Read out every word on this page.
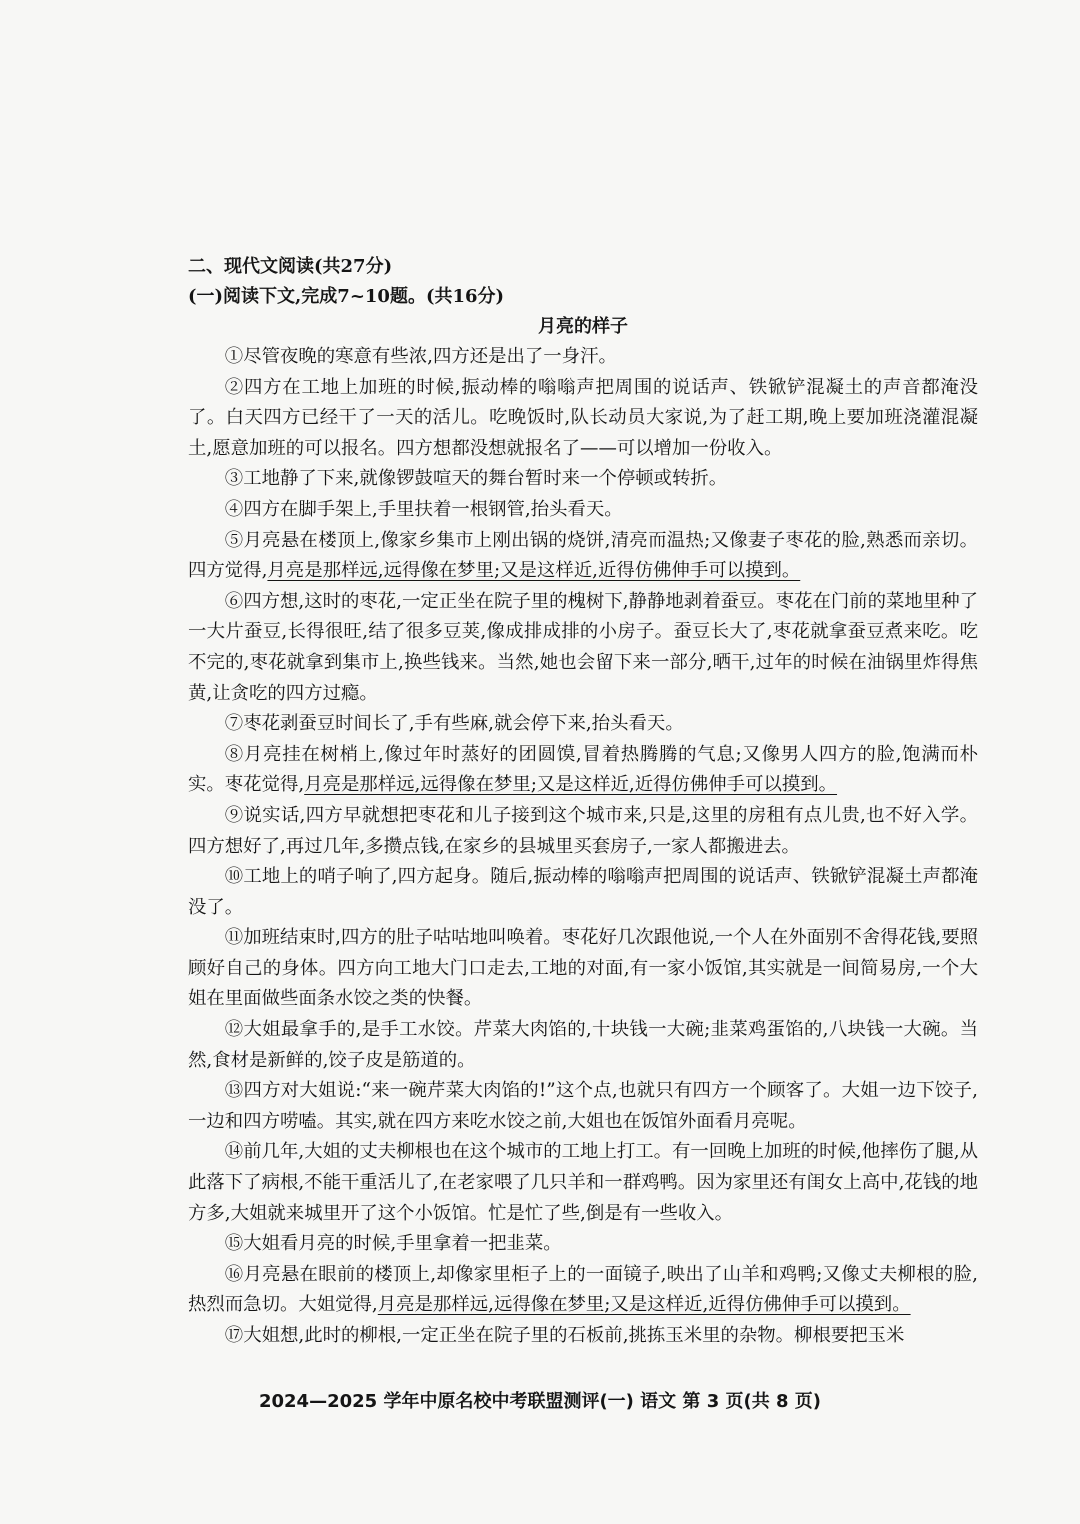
二、现代文阅读(共27分)
(一)阅读下文,完成7~10题。(共16分)
月亮的样子

①尽管夜晚的寒意有些浓,四方还是出了一身汗。

②四方在工地上加班的时候,振动棒的嗡嗡声把周围的说话声、铁锨铲混凝土的声音都淹没了。白天四方已经干了一天的活儿。吃晚饭时,队长动员大家说,为了赶工期,晚上要加班浇灌混凝土,愿意加班的可以报名。四方想都没想就报名了——可以增加一份收入。

③工地静了下来,就像锣鼓喧天的舞台暂时来一个停顿或转折。

④四方在脚手架上,手里扶着一根钢管,抬头看天。

⑤月亮悬在楼顶上,像家乡集市上刚出锅的烧饼,清亮而温热;又像妻子枣花的脸,熟悉而亲切。四方觉得,月亮是那样远,远得像在梦里;又是这样近,近得仿佛伸手可以摸到。

⑥四方想,这时的枣花,一定正坐在院子里的槐树下,静静地剥着蚕豆。枣花在门前的菜地里种了一大片蚕豆,长得很旺,结了很多豆荚,像成排成排的小房子。蚕豆长大了,枣花就拿蚕豆煮来吃。吃不完的,枣花就拿到集市上,换些钱来。当然,她也会留下来一部分,晒干,过年的时候在油锅里炸得焦黄,让贪吃的四方过瘾。

⑦枣花剥蚕豆时间长了,手有些麻,就会停下来,抬头看天。

⑧月亮挂在树梢上,像过年时蒸好的团圆馍,冒着热腾腾的气息;又像男人四方的脸,饱满而朴实。枣花觉得,月亮是那样远,远得像在梦里;又是这样近,近得仿佛伸手可以摸到。

⑨说实话,四方早就想把枣花和儿子接到这个城市来,只是,这里的房租有点儿贵,也不好入学。四方想好了,再过几年,多攒点钱,在家乡的县城里买套房子,一家人都搬进去。

⑩工地上的哨子响了,四方起身。随后,振动棒的嗡嗡声把周围的说话声、铁锨铲混凝土声都淹没了。

⑪加班结束时,四方的肚子咕咕地叫唤着。枣花好几次跟他说,一个人在外面别不舍得花钱,要照顾好自己的身体。四方向工地大门口走去,工地的对面,有一家小饭馆,其实就是一间简易房,一个大姐在里面做些面条水饺之类的快餐。

⑫大姐最拿手的,是手工水饺。芹菜大肉馅的,十块钱一大碗;韭菜鸡蛋馅的,八块钱一大碗。当然,食材是新鲜的,饺子皮是筋道的。

⑬四方对大姐说:“来一碗芹菜大肉馅的!”这个点,也就只有四方一个顾客了。大姐一边下饺子,一边和四方唠嗑。其实,就在四方来吃水饺之前,大姐也在饭馆外面看月亮呢。

⑭前几年,大姐的丈夫柳根也在这个城市的工地上打工。有一回晚上加班的时候,他摔伤了腿,从此落下了病根,不能干重活儿了,在老家喂了几只羊和一群鸡鸭。因为家里还有闺女上高中,花钱的地方多,大姐就来城里开了这个小饭馆。忙是忙了些,倒是有一些收入。

⑮大姐看月亮的时候,手里拿着一把韭菜。

⑯月亮悬在眼前的楼顶上,却像家里柜子上的一面镜子,映出了山羊和鸡鸭;又像丈夫柳根的脸,热烈而急切。大姐觉得,月亮是那样远,远得像在梦里;又是这样近,近得仿佛伸手可以摸到。

⑰大姐想,此时的柳根,一定正坐在院子里的石板前,挑拣玉米里的杂物。柳根要把玉米

2024—2025 学年中原名校中考联盟测评(一) 语文 第 3 页(共 8 页)
